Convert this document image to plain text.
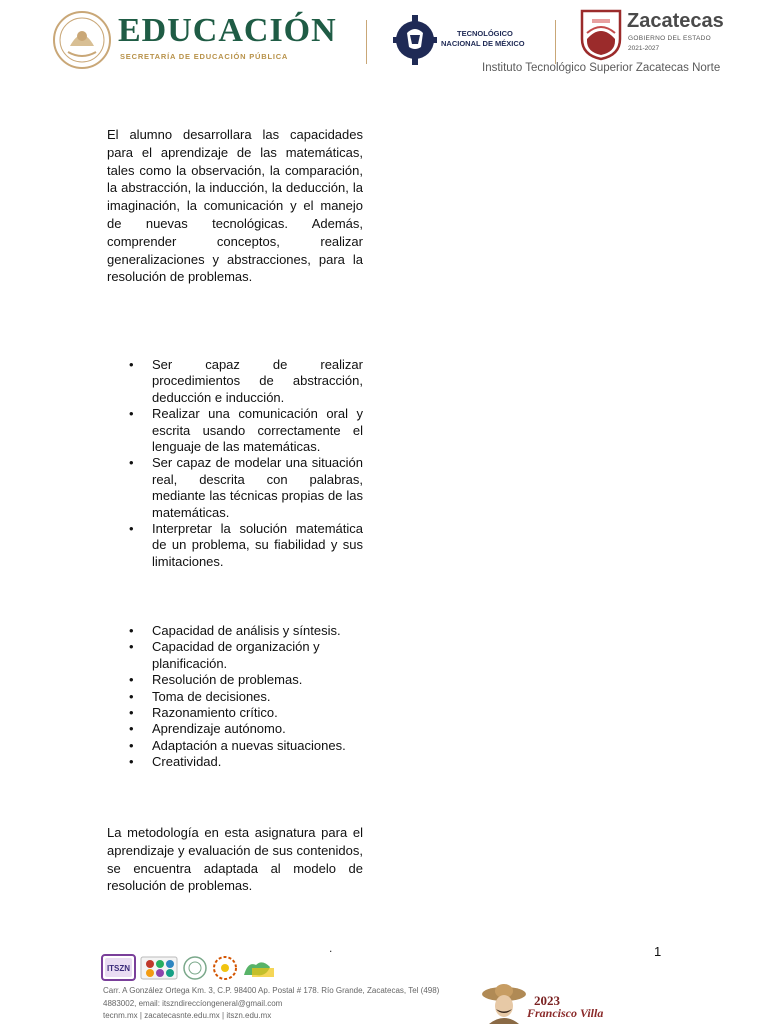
EDUCACIÓN
SECRETARÍA DE EDUCACIÓN PÚBLICA
TECNOLÓGICO
NACIONAL DE MÉXICO
Zacatecas
GOBIERNO DEL ESTADO
2021-2027
Instituto Tecnológico Superior Zacatecas Norte

El alumno desarrollara las capacidades para el aprendizaje de las matemáticas, tales como la observación, la comparación, la abstracción, la inducción, la deducción, la imaginación, la comunicación y el manejo de nuevas tecnológicas. Además, comprender conceptos, realizar generalizaciones y abstracciones, para la resolución de problemas.

• Ser capaz de realizar procedimientos de abstracción, deducción e inducción.
• Realizar una comunicación oral y escrita usando correctamente el lenguaje de las matemáticas.
• Ser capaz de modelar una situación real, descrita con palabras, mediante las técnicas propias de las matemáticas.
• Interpretar la solución matemática de un problema, su fiabilidad y sus limitaciones.
• Capacidad de análisis y síntesis.
• Capacidad de organización y planificación.
• Resolución de problemas.
• Toma de decisiones.
• Razonamiento crítico.
• Aprendizaje autónomo.
• Adaptación a nuevas situaciones.
• Creatividad.

La metodología en esta asignatura para el aprendizaje y evaluación de sus contenidos, se encuentra adaptada al modelo de resolución de problemas.

.	1
ITSZN
Carr. A González Ortega Km. 3, C.P. 98400 Ap. Postal # 178. Río Grande, Zacatecas, Tel (498)
4883002, email: itszndireccíongeneral@gmail.com
tecnm.mx | zacatecasnte.edu.mx | itszn.edu.mx
2023
Francisco Villa
